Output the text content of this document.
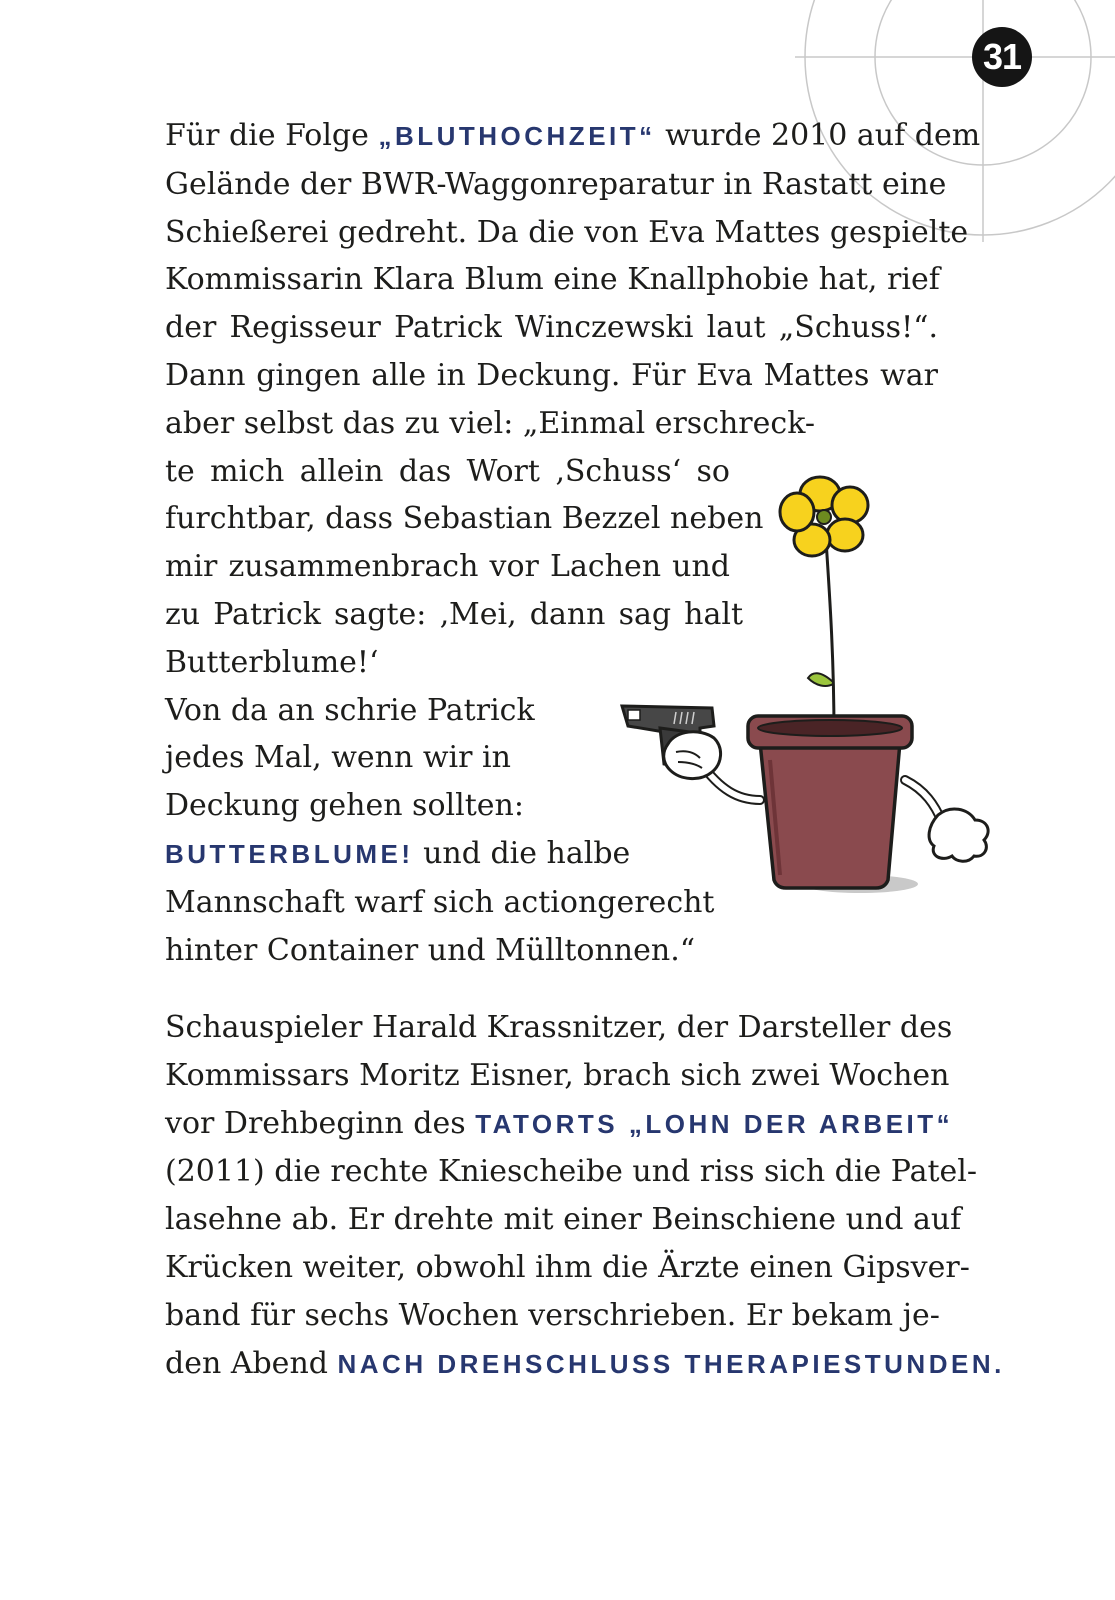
31
Für die Folge „BLUTHOCHZEIT“ wurde 2010 auf dem
Gelände der BWR-Waggonreparatur in Rastatt eine
Schießerei gedreht. Da die von Eva Mattes gespielte
Kommissarin Klara Blum eine Knallphobie hat, rief
der Regisseur Patrick Winczewski laut „Schuss!“.
Dann gingen alle in Deckung. Für Eva Mattes war
aber selbst das zu viel: „Einmal erschreck-
te mich allein das Wort ‚Schuss‘ so
furchtbar, dass Sebastian Bezzel neben
mir zusammenbrach vor Lachen und
zu Patrick sagte: ‚Mei, dann sag halt
Butterblume!‘
Von da an schrie Patrick
jedes Mal, wenn wir in
Deckung gehen sollten:
BUTTERBLUME! und die halbe
Mannschaft warf sich actiongerecht
hinter Container und Mülltonnen.“
Schauspieler Harald Krassnitzer, der Darsteller des
Kommissars Moritz Eisner, brach sich zwei Wochen
vor Drehbeginn des TATORTS „LOHN DER ARBEIT“
(2011) die rechte Kniescheibe und riss sich die Patel-
lasehne ab. Er drehte mit einer Beinschiene und auf
Krücken weiter, obwohl ihm die Ärzte einen Gipsver-
band für sechs Wochen verschrieben. Er bekam je-
den Abend NACH DREHSCHLUSS THERAPIESTUNDEN.
